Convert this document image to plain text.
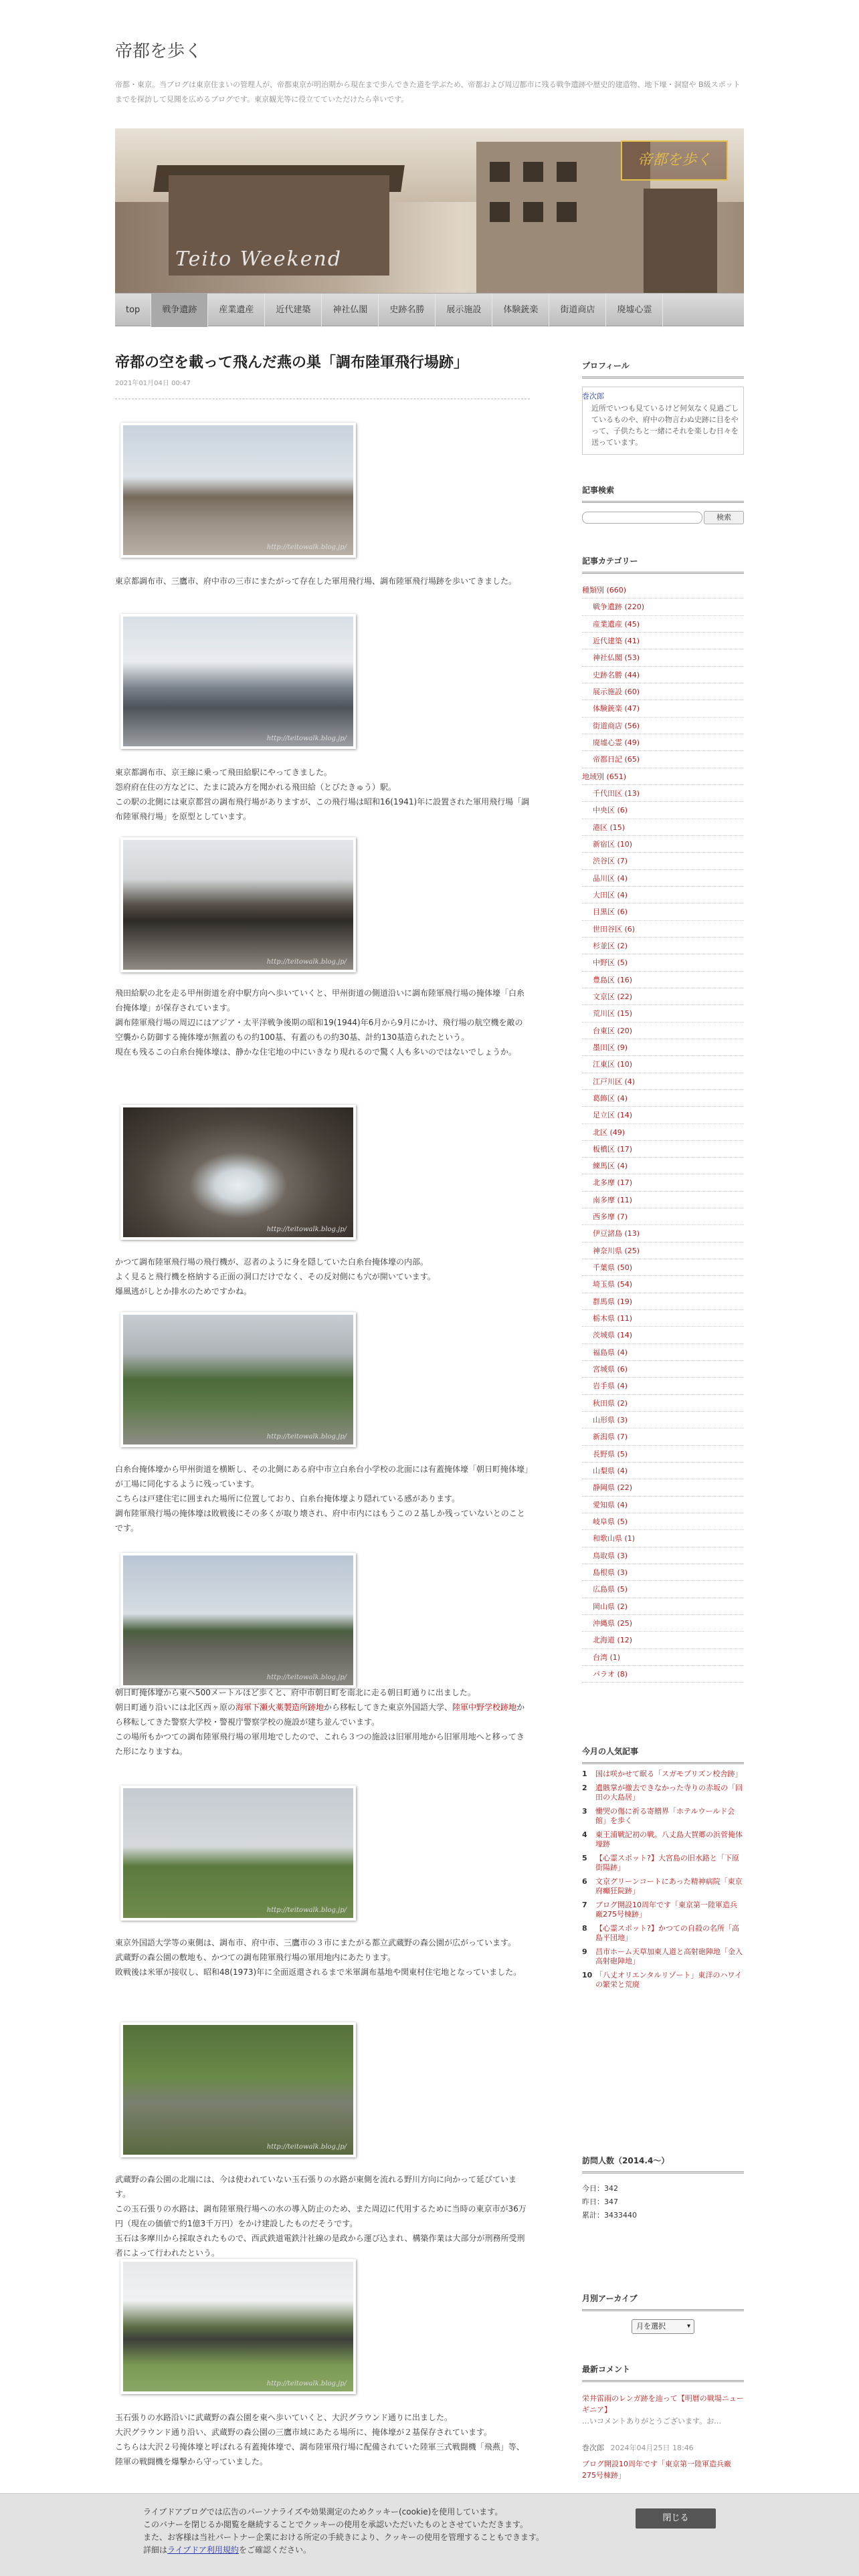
帝都を歩く
帝都・東京。当ブログは東京住まいの管理人が、帝都東京が明治期から現在まで歩んできた道を学ぶため、帝都および周辺都市に残る戦争遺跡や歴史的建造物、地下壕・洞窟や B級スポットまでを探訪して見聞を広めるブログです。東京観光等に役立てていただけたら幸いです。
Teito Weekend
帝都を歩く
top	戦争遺跡	産業遺産	近代建築	神社仏閣	史跡名勝	展示施設	体験銃楽	街道商店	廃墟心霊
帝都の空を載って飛んだ燕の巣「調布陸軍飛行場跡」
2021年01月04日 00:47
http://teitowalk.blog.jp/
http://teitowalk.blog.jp/
http://teitowalk.blog.jp/
http://teitowalk.blog.jp/
http://teitowalk.blog.jp/
http://teitowalk.blog.jp/
http://teitowalk.blog.jp/
http://teitowalk.blog.jp/
http://teitowalk.blog.jp/
東京都調布市、三鷹市、府中市の三市にまたがって存在した軍用飛行場、調布陸軍飛行場跡を歩いてきました。
東京都調布市、京王線に乗って飛田給駅にやってきました。
怨府府在住の方などに、たまに読み方を聞かれる飛田給（とびたきゅう）駅。
この駅の北側には東京都営の調布飛行場がありますが、この飛行場は昭和16(1941)年に設置された軍用飛行場「調布陸軍飛行場」を原型としています。
飛田給駅の北を走る甲州街道を府中駅方向へ歩いていくと、甲州街道の側道沿いに調布陸軍飛行場の掩体壕「白糸台掩体壕」が保存されています。
調布陸軍飛行場の周辺にはアジア・太平洋戦争後期の昭和19(1944)年6月から9月にかけ、飛行場の航空機を敵の空襲から防御する掩体壕が無蓋のもの約100基、有蓋のもの約30基、計約130基造られたという。
現在も残るこの白糸台掩体壕は、静かな住宅地の中にいきなり現れるので驚く人も多いのではないでしょうか。
かつて調布陸軍飛行場の飛行機が、忍者のように身を隠していた白糸台掩体壕の内部。
よく見ると飛行機を格納する正面の洞口だけでなく、その反対側にも穴が開いています。
爆風逃がしとか排水のためですかね。
白糸台掩体壕から甲州街道を横断し、その北側にある府中市立白糸台小学校の北面には有蓋掩体壕「朝日町掩体壕」が工場に同化するように残っています。
こちらは戸建住宅に囲まれた場所に位置しており、白糸台掩体壕より隠れている感があります。
調布陸軍飛行場の掩体壕は敗戦後にその多くが取り壊され、府中市内にはもうこの２基しか残っていないとのことです。
朝日町掩体壕から東へ500メートルほど歩くと、府中市朝日町を南北に走る朝日町通りに出ました。
朝日町通り沿いには北区西ヶ原の海軍下瀬火薬製造所跡地から移転してきた東京外国語大学、陸軍中野学校跡地から移転してきた警察大学校・警視庁警察学校の施設が建ち並んでいます。
この場所もかつての調布陸軍飛行場の軍用地でしたので、これら３つの施設は旧軍用地から旧軍用地へと移ってきた形になりますね。
東京外国語大学等の東側は、調布市、府中市、三鷹市の３市にまたがる都立武蔵野の森公園が広がっています。
武蔵野の森公園の敷地も、かつての調布陸軍飛行場の軍用地内にあたります。
敗戦後は米軍が接収し、昭和48(1973)年に全面返還されるまで米軍調布基地や関東村住宅地となっていました。
武蔵野の森公園の北端には、今は使われていない玉石張りの水路が東側を流れる野川方向に向かって延びています。
この玉石張りの水路は、調布陸軍飛行場への水の導入防止のため、また周辺に代用するために当時の東京市が36万円（現在の価値で約1億3千万円）をかけ建設したものだそうです。
玉石は多摩川から採取されたもので、西武鉄道電鉄汁社線の是政から運び込まれ、構築作業は大部分が刑務所受刑者によって行われたという。
玉石張りの水路沿いに武蔵野の森公園を東へ歩いていくと、大沢グラウンド通りに出ました。
大沢グラウンド通り沿い、武蔵野の森公園の三鷹市域にあたる場所に、掩体壕が２基保存されています。
こちらは大沢２号掩体壕と呼ばれる有蓋掩体壕で、調布陸軍飛行場に配備されていた陸軍三式戦闘機「飛燕」等、陸軍の戦闘機を爆撃から守っていました。
プロフィール
巻次郎
近所でいつも見ているけど何気なく見過ごしているものや、府中の物言わぬ史跡に目をやって、子供たちと一緒にそれを楽しむ日々を送っています。
記事検索
検索
記事カテゴリー
種類別 (660)
戦争遺跡 (220)
産業遺産 (45)
近代建築 (41)
神社仏閣 (53)
史跡名勝 (44)
展示施設 (60)
体験銃楽 (47)
街道商店 (56)
廃墟心霊 (49)
帝都日記 (65)
地域別 (651)
千代田区 (13)
中央区 (6)
港区 (15)
新宿区 (10)
渋谷区 (7)
品川区 (4)
大田区 (4)
目黒区 (6)
世田谷区 (6)
杉並区 (2)
中野区 (5)
豊島区 (16)
文京区 (22)
荒川区 (15)
台東区 (20)
墨田区 (9)
江東区 (10)
江戸川区 (4)
葛飾区 (4)
足立区 (14)
北区 (49)
板橋区 (17)
練馬区 (4)
北多摩 (17)
南多摩 (11)
西多摩 (7)
伊豆諸島 (13)
神奈川県 (25)
千葉県 (50)
埼玉県 (54)
群馬県 (19)
栃木県 (11)
茨城県 (14)
福島県 (4)
宮城県 (6)
岩手県 (4)
秋田県 (2)
山形県 (3)
新潟県 (7)
長野県 (5)
山梨県 (4)
静岡県 (22)
愛知県 (4)
岐阜県 (5)
和歌山県 (1)
鳥取県 (3)
島根県 (3)
広島県 (5)
岡山県 (2)
沖縄県 (25)
北海道 (12)
台湾 (1)
パラオ (8)
今月の人気記事
1 国は咲かせて眠る「スガモプリズン校舎跡」
2 遺骸掌が撤去できなかった寺りの赤坂の「回田の大島居」
3 慟哭の傷に祈る寄贈界「ホテルウールド会館」を歩く
4 東王浦戦記初の戦。八丈島大賀郷の浜菅掩体壕跡
5 【心霊スポット?】大宮島の旧水路と「下原街陽跡」
6 文京グリーンコートにあった精神病院「東京府癲狂院跡」
7 ブログ開設10周年です「東京第一陸軍造兵廠275号棟跡」
8 【心霊スポット?】かつての自殺の名所「高島平団地」
9 昌市ホーム天草加東人道と高射砲陣地「金入高射砲陣地」
10 「八丈オリエンタルリゾート」東洋のハワイの繁栄と荒廃
訪問人数（2014.4〜）
今日：342
昨日：347
累計：3433440
月別アーカイブ
月を選択 ▾
最新コメント
栄井雷雨のレンガ跡を辿って【明暦の戦場ニューギニア】
…いコメントありがとうございます。お…
巻次郎 2024年04月25日 18:46
ブログ開設10周年です「東京第一陸軍造兵廠275号棟跡」

ライブドアブログでは広告のパーソナライズや効果測定のためクッキー(cookie)を使用しています。
このバナーを閉じるか閲覧を継続することでクッキーの使用を承認いただいたものとさせていただきます。
また、お客様は当社パートナー企業における所定の手続きにより、クッキーの使用を管理することもできます。
詳細はライブドア利用規約をご確認ください。

閉じる
